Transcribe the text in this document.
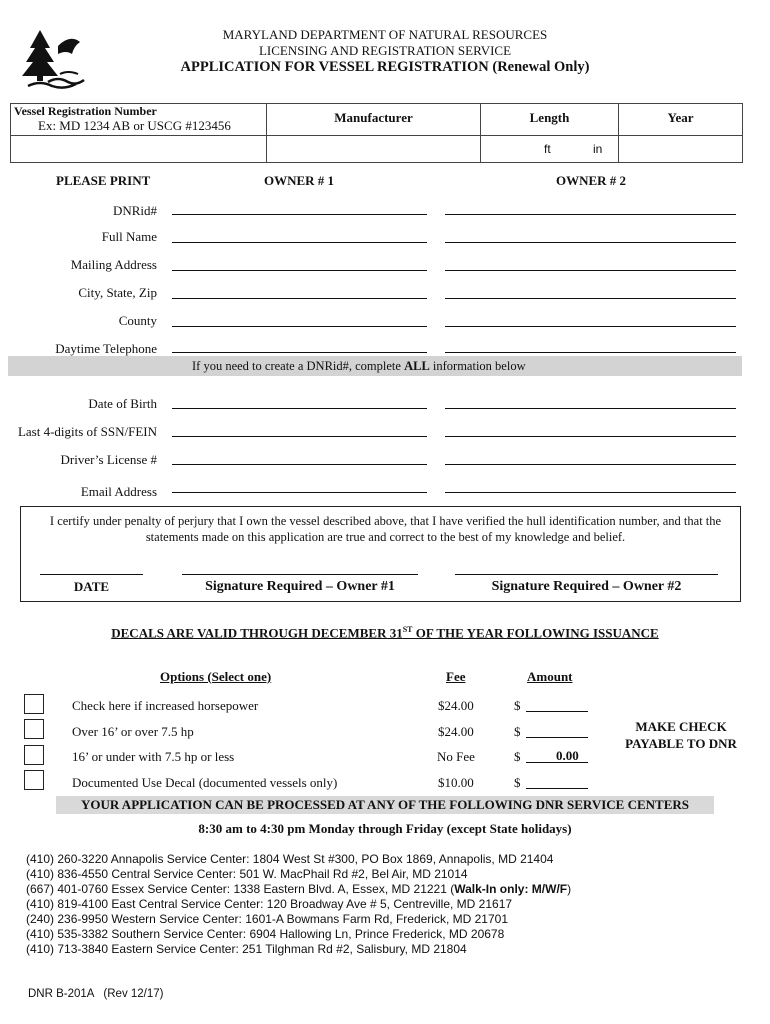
MARYLAND DEPARTMENT OF NATURAL RESOURCES
LICENSING AND REGISTRATION SERVICE
APPLICATION FOR VESSEL REGISTRATION (Renewal Only)
Vessel Registration Number
Ex: MD 1234 AB or USCG #123456
Manufacturer	Length	Year
ft	in
PLEASE PRINT	OWNER # 1	OWNER # 2
DNRid#
Full Name
Mailing Address
City, State, Zip
County
Daytime Telephone
If you need to create a DNRid#, complete ALL information below
Date of Birth
Last 4-digits of SSN/FEIN
Driver’s License #
Email Address
I certify under penalty of perjury that I own the vessel described above, that I have verified the hull identification number, and that the statements made on this application are true and correct to the best of my knowledge and belief.
DATE	Signature Required – Owner #1	Signature Required – Owner #2
DECALS ARE VALID THROUGH DECEMBER 31ST OF THE YEAR FOLLOWING ISSUANCE
Options (Select one)	Fee	Amount
Check here if increased horsepower	$24.00	$
Over 16’ or over 7.5 hp	$24.00	$
16’ or under with 7.5 hp or less	No Fee	$	0.00
Documented Use Decal (documented vessels only)	$10.00	$
MAKE CHECK
PAYABLE TO DNR
YOUR APPLICATION CAN BE PROCESSED AT ANY OF THE FOLLOWING DNR SERVICE CENTERS
8:30 am to 4:30 pm Monday through Friday (except State holidays)
(410) 260-3220 Annapolis Service Center: 1804 West St #300, PO Box 1869, Annapolis, MD 21404
(410) 836-4550 Central Service Center: 501 W. MacPhail Rd #2, Bel Air, MD 21014
(667) 401-0760 Essex Service Center: 1338 Eastern Blvd. A, Essex, MD 21221 (Walk-In only: M/W/F)
(410) 819-4100 East Central Service Center: 120 Broadway Ave # 5, Centreville, MD 21617
(240) 236-9950 Western Service Center: 1601-A Bowmans Farm Rd, Frederick, MD 21701
(410) 535-3382 Southern Service Center: 6904 Hallowing Ln, Prince Frederick, MD 20678
(410) 713-3840 Eastern Service Center: 251 Tilghman Rd #2, Salisbury, MD 21804
DNR B-201A   (Rev 12/17)
